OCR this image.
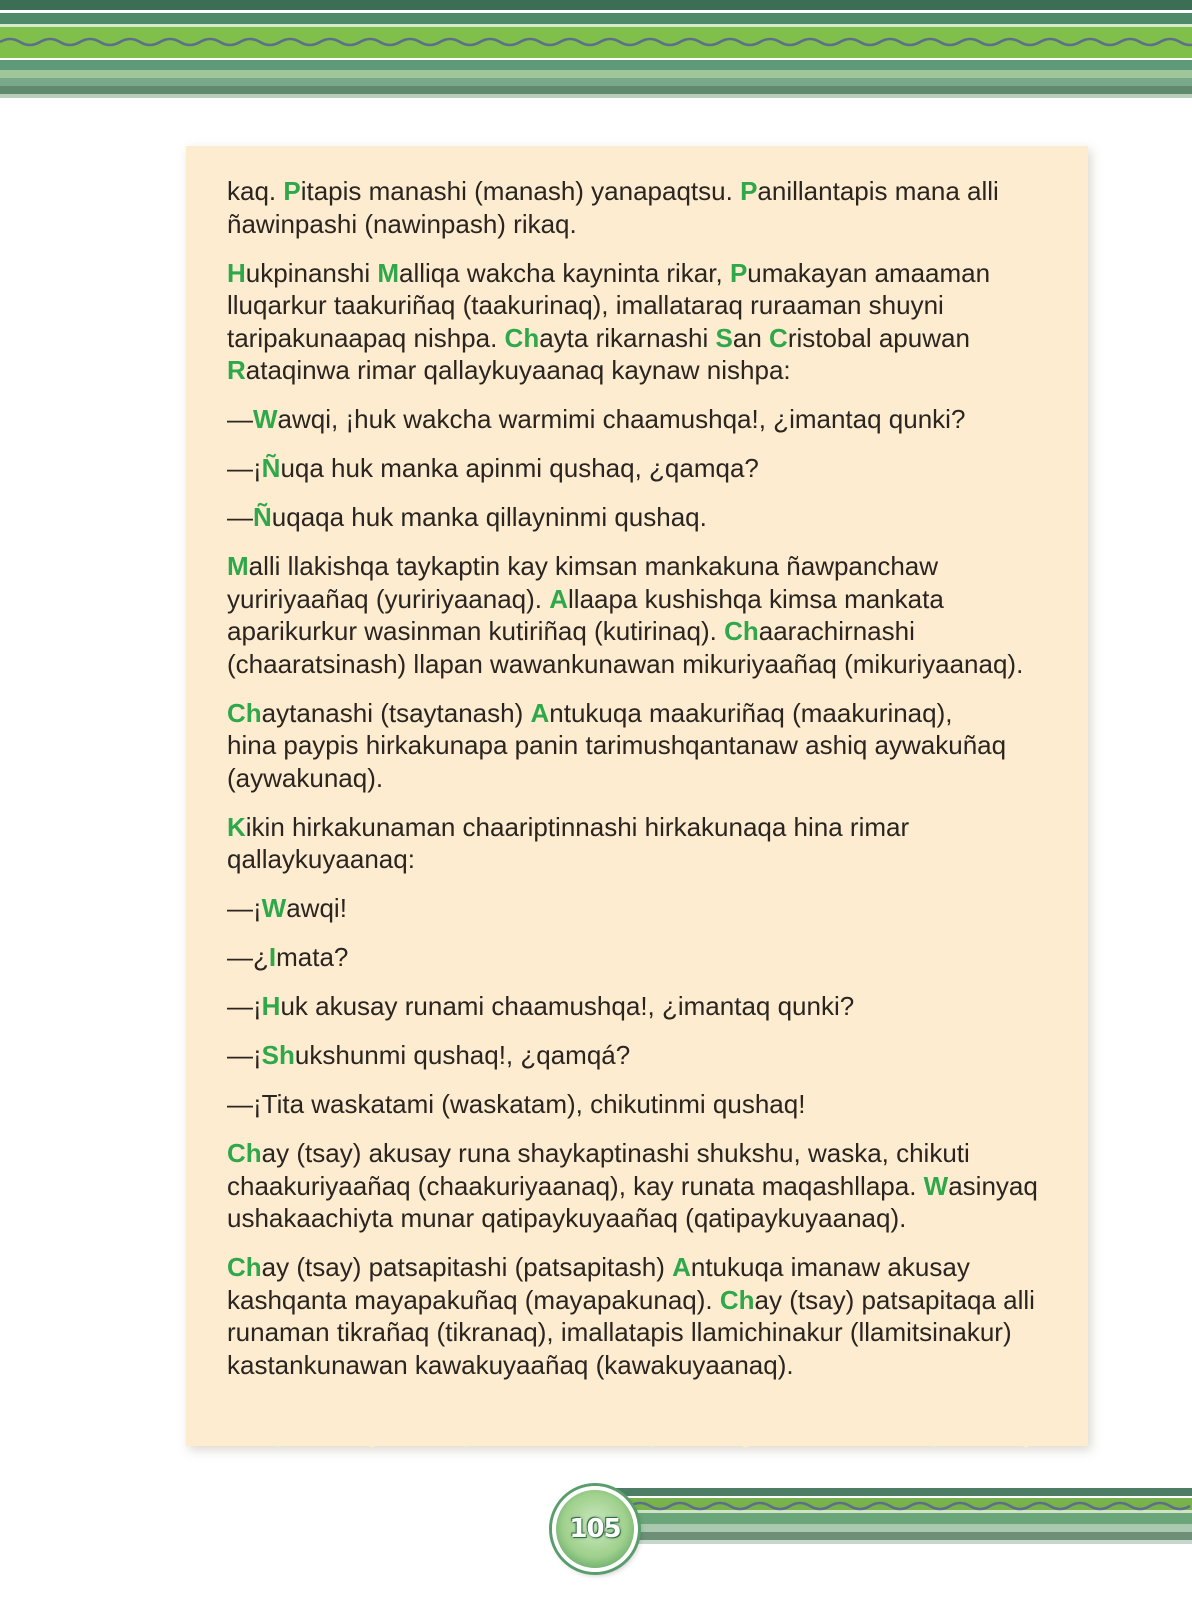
kaq. Pitapis manashi (manash) yanapaqtsu. Panillantapis mana alli
ñawinpashi (nawinpash) rikaq.

Hukpinanshi Malliqa wakcha kayninta rikar, Pumakayan amaaman
lluqarkur taakuriñaq (taakurinaq), imallataraq ruraaman shuyni
taripakunaapaq nishpa. Chayta rikarnashi San Cristobal apuwan
Rataqinwa rimar qallaykuyaanaq kaynaw nishpa:

—Wawqi, ¡huk wakcha warmimi chaamushqa!, ¿imantaq qunki?

—¡Ñuqa huk manka apinmi qushaq, ¿qamqa?

—Ñuqaqa huk manka qillayninmi qushaq.

Malli llakishqa taykaptin kay kimsan mankakuna ñawpanchaw
yuririyaañaq (yuririyaanaq). Allaapa kushishqa kimsa mankata
aparikurkur wasinman kutiriñaq (kutirinaq). Chaarachirnashi
(chaaratsinash) llapan wawankunawan mikuriyaañaq (mikuriyaanaq).

Chaytanashi (tsaytanash) Antukuqa maakuriñaq (maakurinaq),
hina paypis hirkakunapa panin tarimushqantanaw ashiq aywakuñaq
(aywakunaq).

Kikin hirkakunaman chaariptinnashi hirkakunaqa hina rimar
qallaykuyaanaq:

—¡Wawqi!

—¿Imata?

—¡Huk akusay runami chaamushqa!, ¿imantaq qunki?

—¡Shukshunmi qushaq!, ¿qamqá?

—¡Tita waskatami (waskatam), chikutinmi qushaq!

Chay (tsay) akusay runa shaykaptinashi shukshu, waska, chikuti
chaakuriyaañaq (chaakuriyaanaq), kay runata maqashllapa. Wasinyaq
ushakaachiyta munar qatipaykuyaañaq (qatipaykuyaanaq).

Chay (tsay) patsapitashi (patsapitash) Antukuqa imanaw akusay
kashqanta mayapakuñaq (mayapakunaq). Chay (tsay) patsapitaqa alli
runaman tikrañaq (tikranaq), imallatapis llamichinakur (llamitsinakur)
kastankunawan kawakuyaañaq (kawakuyaanaq).

105
